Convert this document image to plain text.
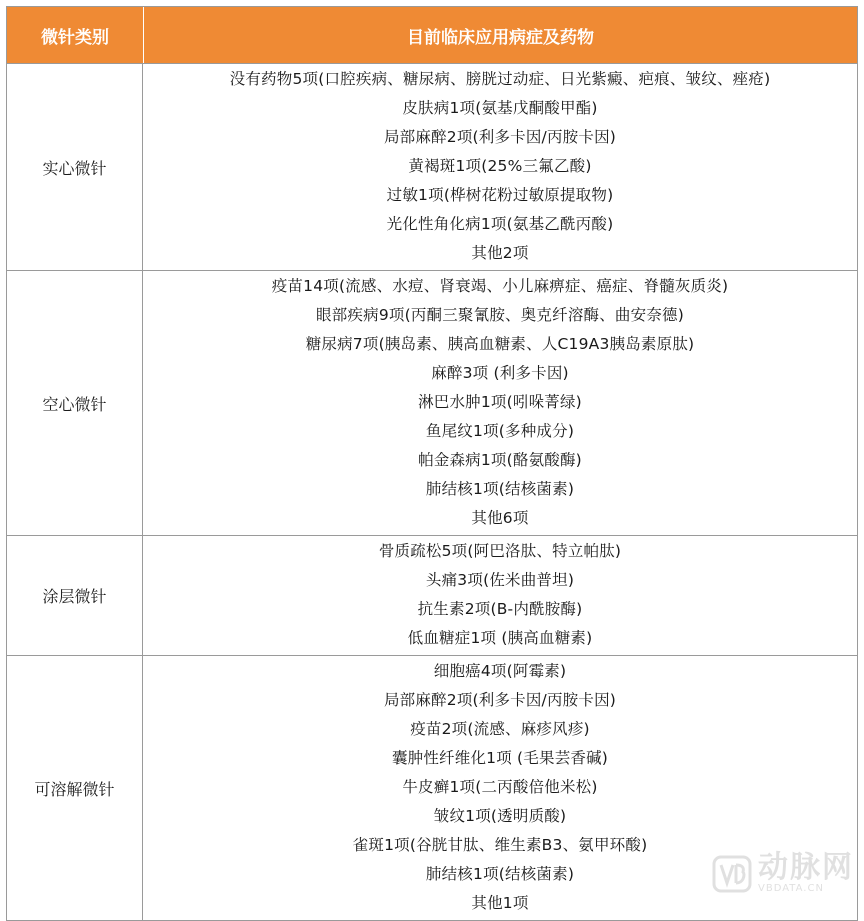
微针类别	目前临床应用病症及药物
实心微针
没有药物5项(口腔疾病、糖尿病、膀胱过动症、日光紫癜、疤痕、皱纹、痤疮)
皮肤病1项(氨基戊酮酸甲酯)
局部麻醉2项(利多卡因/丙胺卡因)
黄褐斑1项(25%三氟乙酸)
过敏1项(桦树花粉过敏原提取物)
光化性角化病1项(氨基乙酰丙酸)
其他2项
空心微针
疫苗14项(流感、水痘、肾衰竭、小儿麻痹症、癌症、脊髓灰质炎)
眼部疾病9项(丙酮三聚氰胺、奥克纤溶酶、曲安奈德)
糖尿病7项(胰岛素、胰高血糖素、人C19A3胰岛素原肽)
麻醉3项 (利多卡因)
淋巴水肿1项(吲哚菁绿)
鱼尾纹1项(多种成分)
帕金森病1项(酪氨酸酶)
肺结核1项(结核菌素)
其他6项
涂层微针
骨质疏松5项(阿巴洛肽、特立帕肽)
头痛3项(佐米曲普坦)
抗生素2项(B-内酰胺酶)
低血糖症1项 (胰高血糖素)
可溶解微针
细胞癌4项(阿霉素)
局部麻醉2项(利多卡因/丙胺卡因)
疫苗2项(流感、麻疹风疹)
囊肿性纤维化1项 (毛果芸香碱)
牛皮癣1项(二丙酸倍他米松)
皱纹1项(透明质酸)
雀斑1项(谷胱甘肽、维生素B3、氨甲环酸)
肺结核1项(结核菌素)
其他1项
动脉网
VBDATA.CN
